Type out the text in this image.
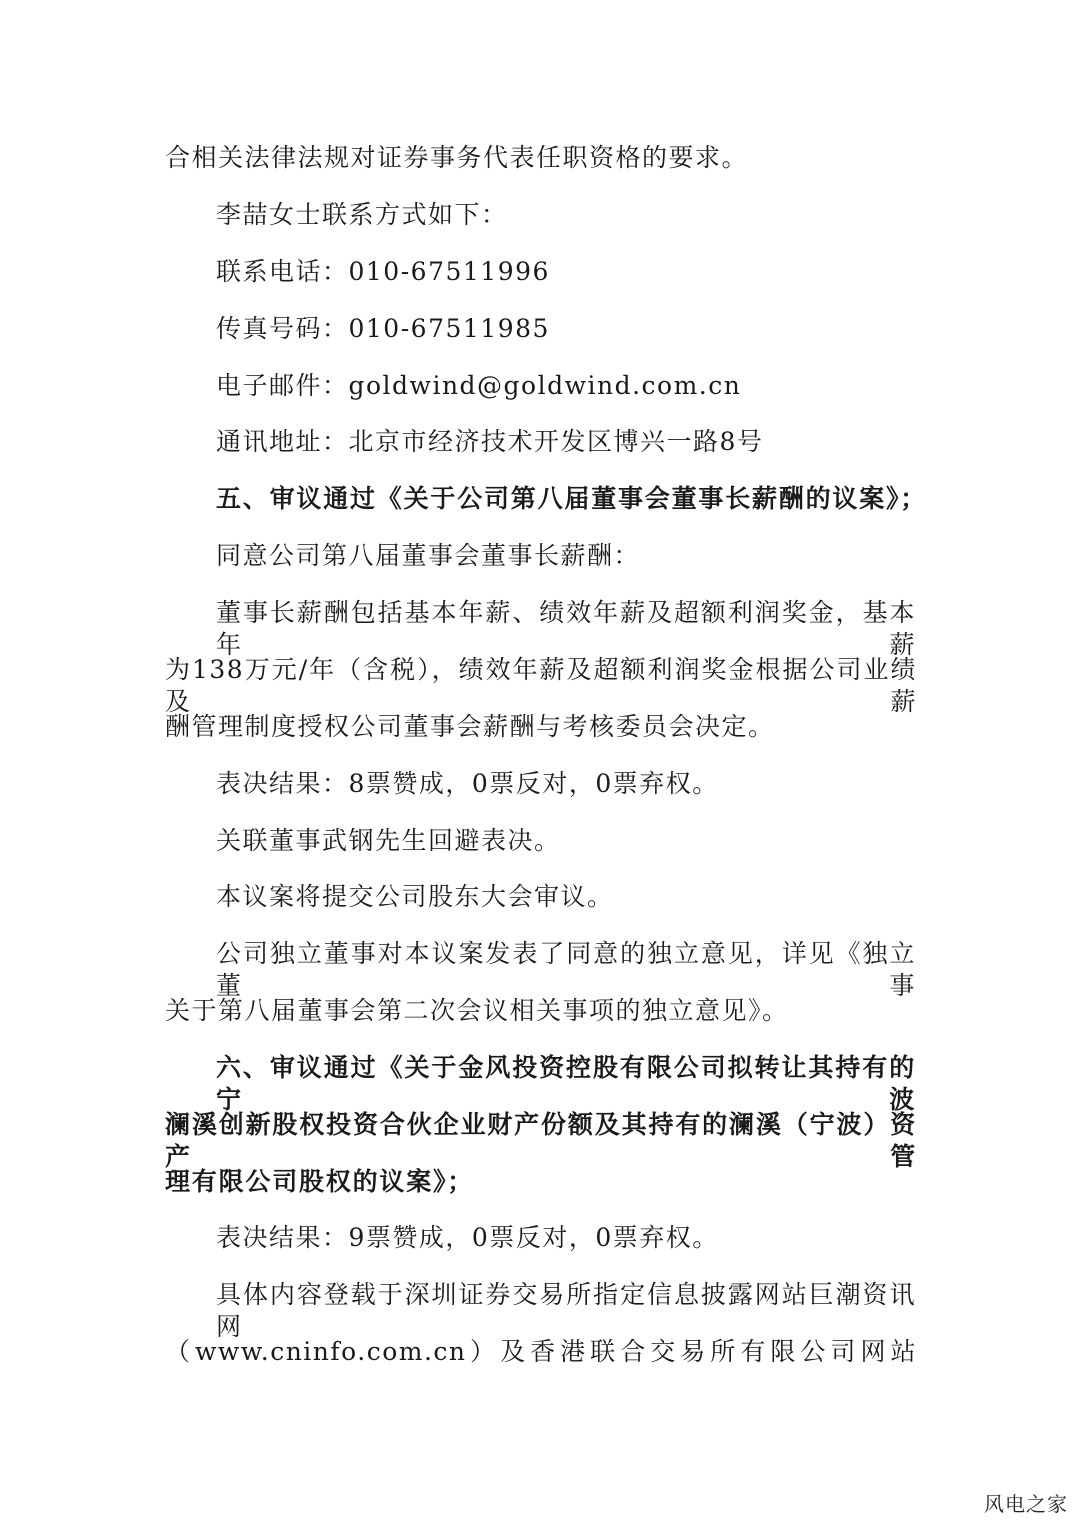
合相关法律法规对证券事务代表任职资格的要求。
李喆女士联系方式如下：
联系电话：010-67511996
传真号码：010-67511985
电子邮件：goldwind@goldwind.com.cn
通讯地址：北京市经济技术开发区博兴一路8号
五、审议通过《关于公司第八届董事会董事长薪酬的议案》；
同意公司第八届董事会董事长薪酬：
董事长薪酬包括基本年薪、绩效年薪及超额利润奖金，基本年薪
为138万元/年（含税），绩效年薪及超额利润奖金根据公司业绩及薪
酬管理制度授权公司董事会薪酬与考核委员会决定。
表决结果：8票赞成，0票反对，0票弃权。
关联董事武钢先生回避表决。
本议案将提交公司股东大会审议。
公司独立董事对本议案发表了同意的独立意见，详见《独立董事
关于第八届董事会第二次会议相关事项的独立意见》。
六、审议通过《关于金风投资控股有限公司拟转让其持有的宁波
澜溪创新股权投资合伙企业财产份额及其持有的澜溪（宁波）资产管
理有限公司股权的议案》；
表决结果：9票赞成，0票反对，0票弃权。
具体内容登载于深圳证券交易所指定信息披露网站巨潮资讯网
（www.cninfo.com.cn）及香港联合交易所有限公司网站
风电之家
